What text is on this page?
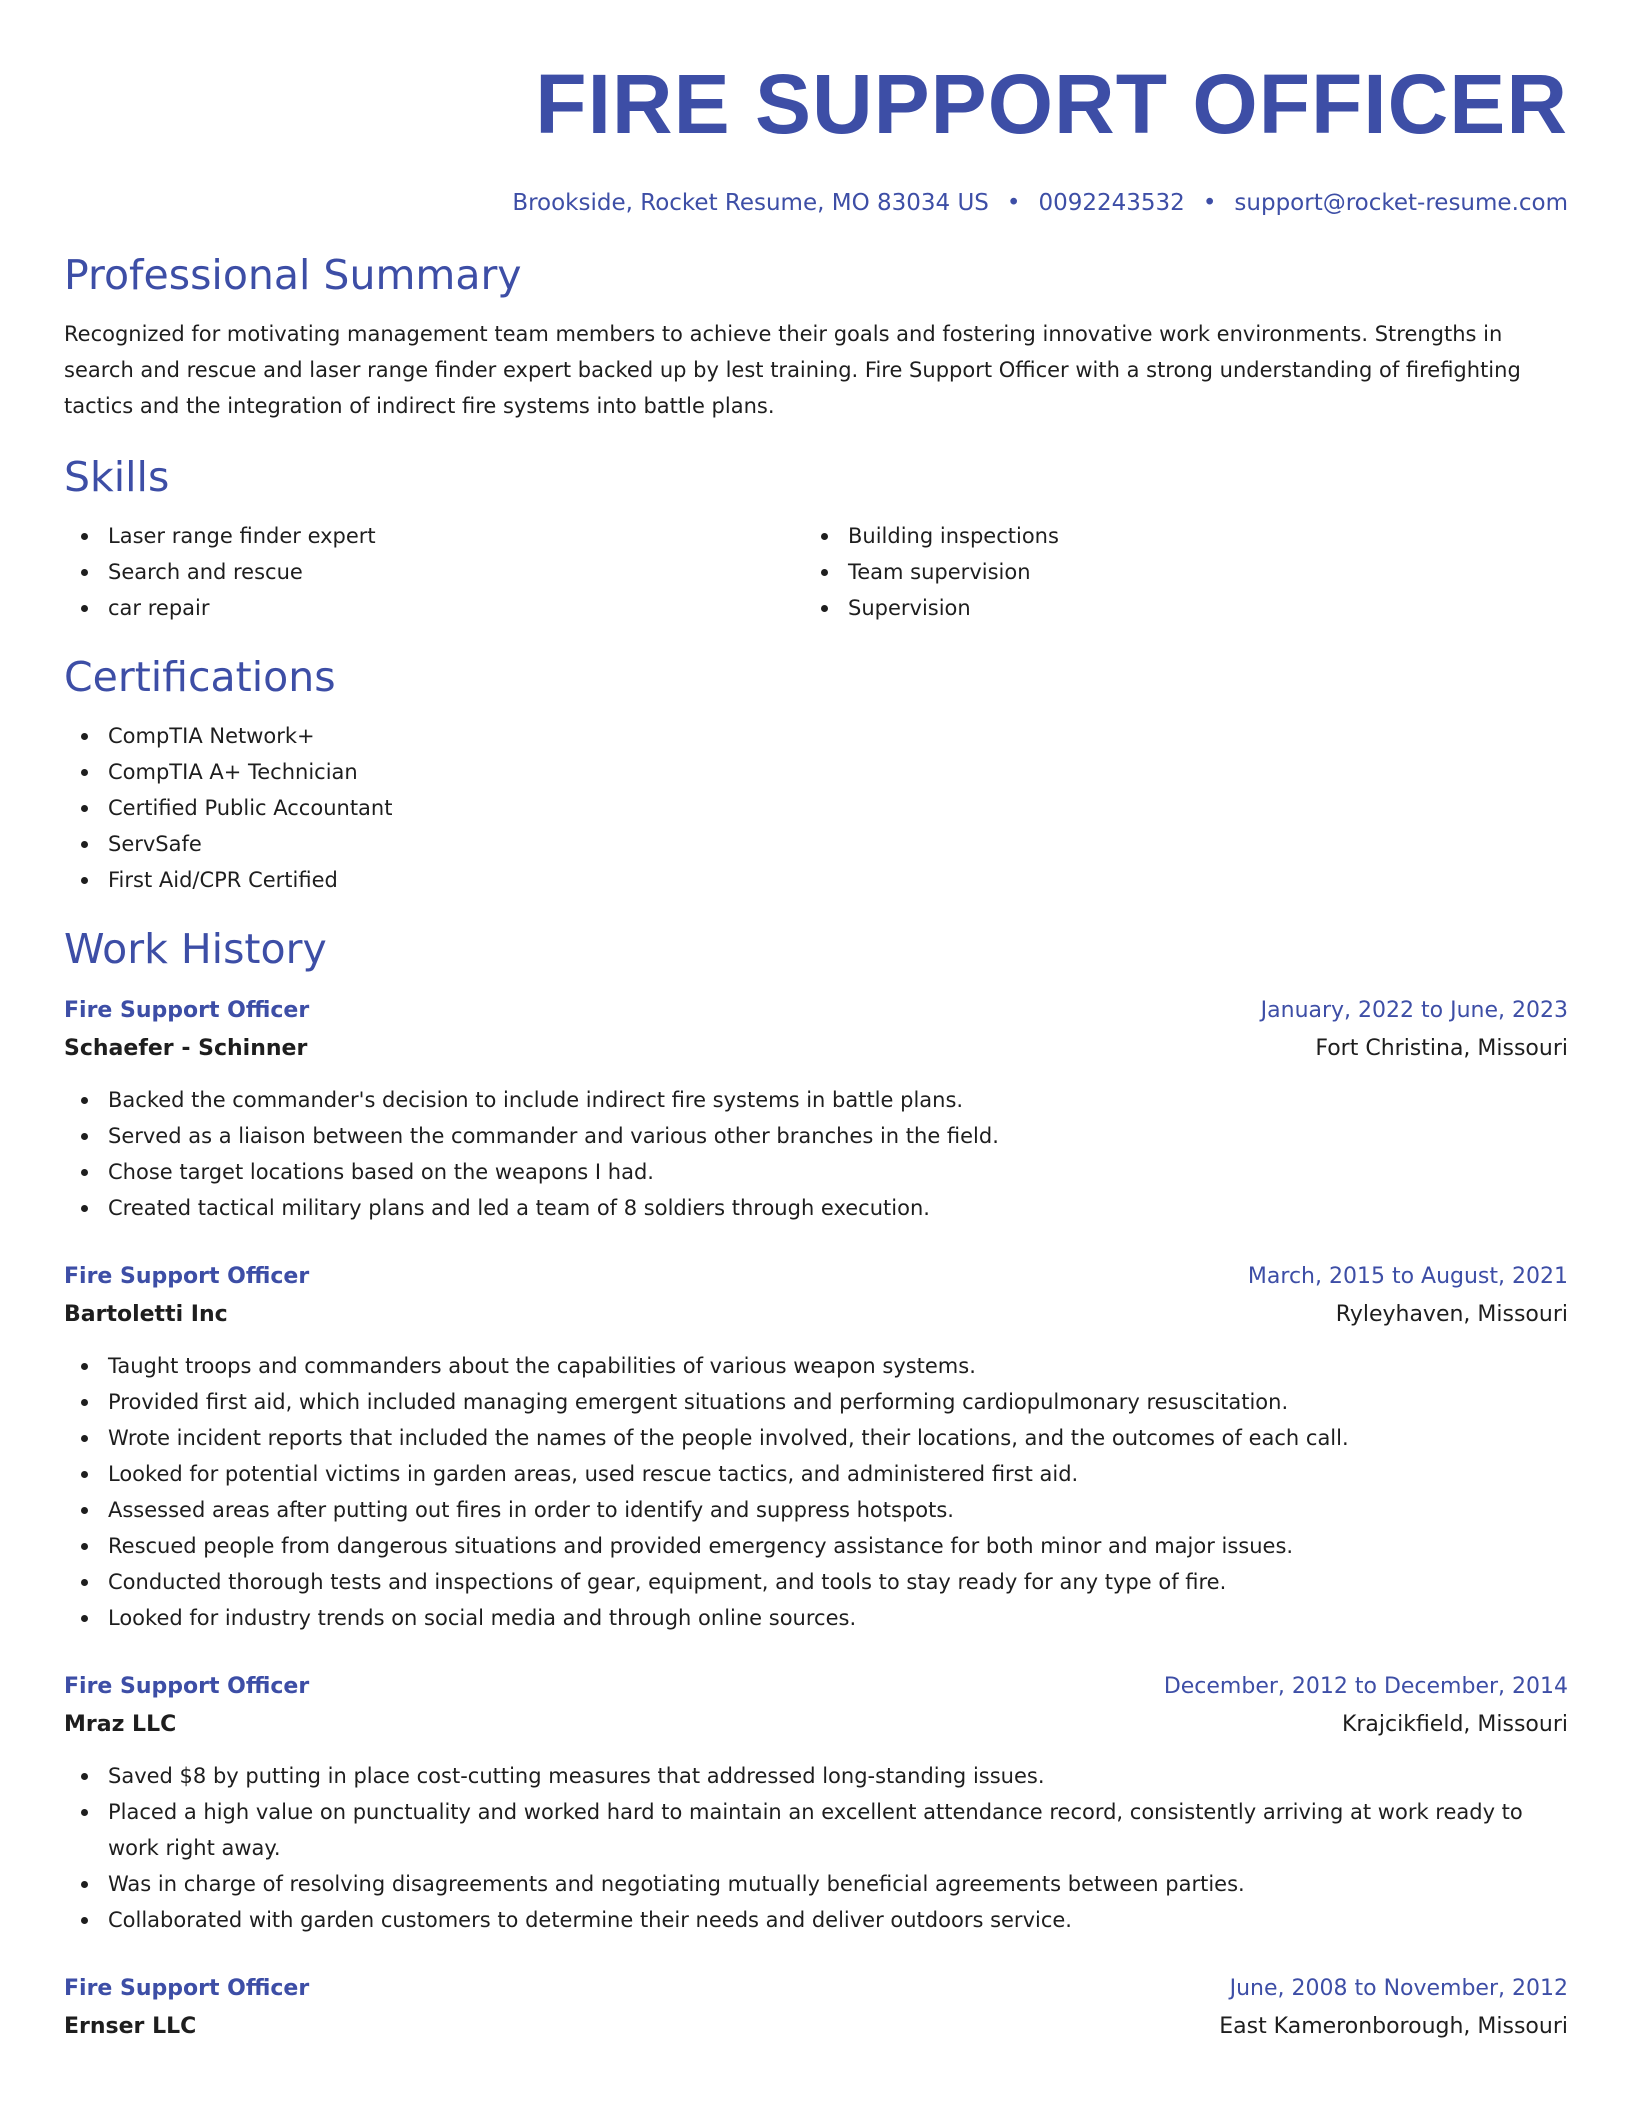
FIRE SUPPORT OFFICER
Brookside, Rocket Resume, MO 83034 US • 0092243532 • support@rocket-resume.com
Professional Summary

Recognized for motivating management team members to achieve their goals and fostering innovative work environments. Strengths in search and rescue and laser range finder expert backed up by lest training. Fire Support Officer with a strong understanding of firefighting tactics and the integration of indirect fire systems into battle plans.

Skills
Laser range finder expert
Search and rescue
car repair
Building inspections
Team supervision
Supervision
Certifications
CompTIA Network+
CompTIA A+ Technician
Certified Public Accountant
ServSafe
First Aid/CPR Certified
Work History
Fire Support Officer	January, 2022 to June, 2023
Schaefer - Schinner	Fort Christina, Missouri
Backed the commander's decision to include indirect fire systems in battle plans.
Served as a liaison between the commander and various other branches in the field.
Chose target locations based on the weapons I had.
Created tactical military plans and led a team of 8 soldiers through execution.
Fire Support Officer	March, 2015 to August, 2021
Bartoletti Inc	Ryleyhaven, Missouri
Taught troops and commanders about the capabilities of various weapon systems.
Provided first aid, which included managing emergent situations and performing cardiopulmonary resuscitation.
Wrote incident reports that included the names of the people involved, their locations, and the outcomes of each call.
Looked for potential victims in garden areas, used rescue tactics, and administered first aid.
Assessed areas after putting out fires in order to identify and suppress hotspots.
Rescued people from dangerous situations and provided emergency assistance for both minor and major issues.
Conducted thorough tests and inspections of gear, equipment, and tools to stay ready for any type of fire.
Looked for industry trends on social media and through online sources.
Fire Support Officer	December, 2012 to December, 2014
Mraz LLC	Krajcikfield, Missouri
Saved $8 by putting in place cost-cutting measures that addressed long-standing issues.
Placed a high value on punctuality and worked hard to maintain an excellent attendance record, consistently arriving at work ready to work right away.
Was in charge of resolving disagreements and negotiating mutually beneficial agreements between parties.
Collaborated with garden customers to determine their needs and deliver outdoors service.
Fire Support Officer	June, 2008 to November, 2012
Ernser LLC	East Kameronborough, Missouri
